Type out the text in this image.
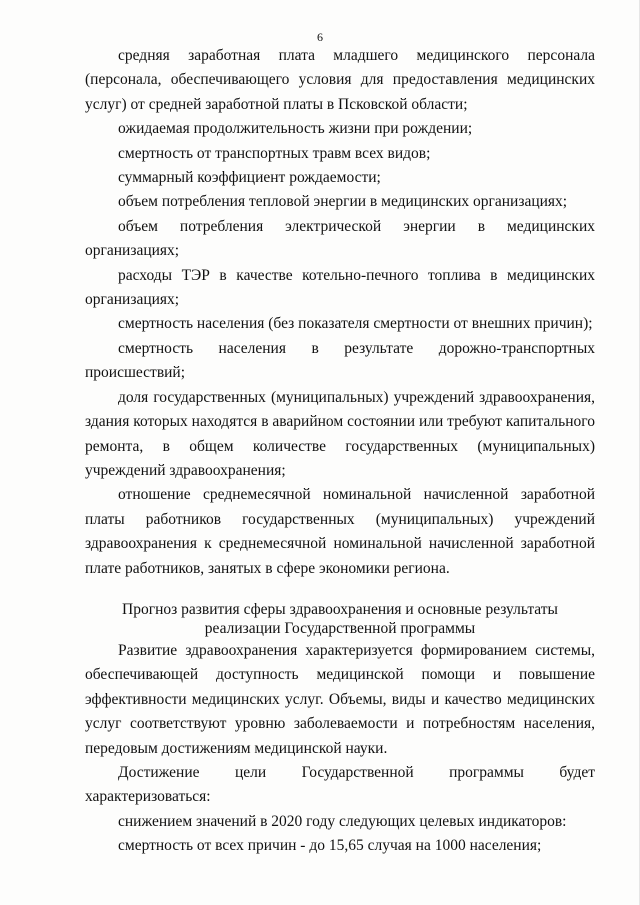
6

средняя заработная плата младшего медицинского персонала (персонала, обеспечивающего условия для предоставления медицинских услуг) от средней заработной платы в Псковской области;

ожидаемая продолжительность жизни при рождении;

смертность от транспортных травм всех видов;

суммарный коэффициент рождаемости;

объем потребления тепловой энергии в медицинских организациях;

объем потребления электрической энергии в медицинских организациях;

расходы ТЭР в качестве котельно-печного топлива в медицинских организациях;

смертность населения (без показателя смертности от внешних причин);

смертность населения в результате дорожно-транспортных происшествий;

доля государственных (муниципальных) учреждений здравоохранения, здания которых находятся в аварийном состоянии или требуют капитального ремонта, в общем количестве государственных (муниципальных) учреждений здравоохранения;

отношение среднемесячной номинальной начисленной заработной платы работников государственных (муниципальных) учреждений здравоохранения к среднемесячной номинальной начисленной заработной плате работников, занятых в сфере экономики региона.

Прогноз развития сферы здравоохранения и основные результаты
реализации Государственной программы

Развитие здравоохранения характеризуется формированием системы, обеспечивающей доступность медицинской помощи и повышение эффективности медицинских услуг. Объемы, виды и качество медицинских услуг соответствуют уровню заболеваемости и потребностям населения, передовым достижениям медицинской науки.

Достижение цели Государственной программы будет характеризоваться:

снижением значений в 2020 году следующих целевых индикаторов:

смертность от всех причин - до 15,65 случая на 1000 населения;
